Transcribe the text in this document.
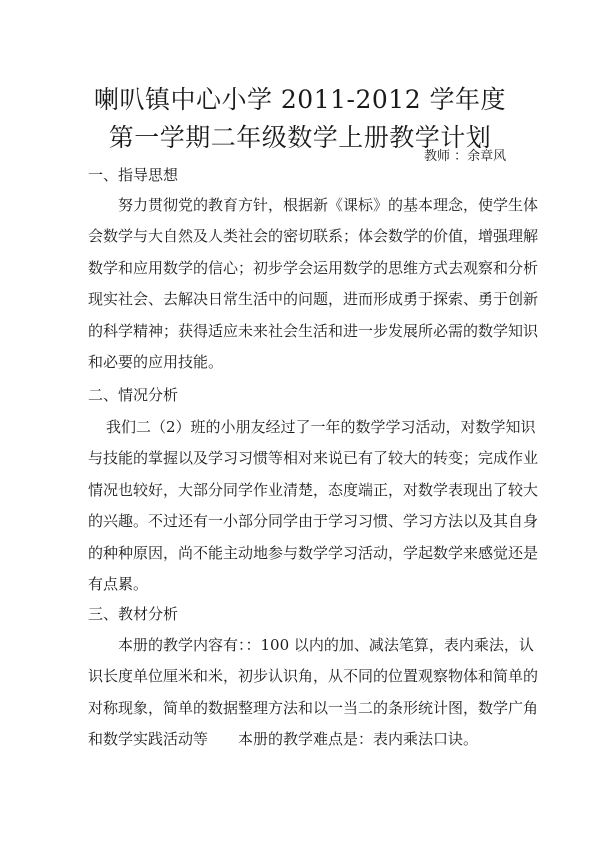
喇叭镇中心小学 2011-2012 学年度
第一学期二年级数学上册教学计划
教师 ：余章风
一、指导思想
努力贯彻党的教育方针，根据新《课标》的基本理念，使学生体
会数学与大自然及人类社会的密切联系；体会数学的价值，增强理解
数学和应用数学的信心；初步学会运用数学的思维方式去观察和分析
现实社会、去解决日常生活中的问题，进而形成勇于探索、勇于创新
的科学精神；获得适应未来社会生活和进一步发展所必需的数学知识
和必要的应用技能。
二、情况分析
我们二（2）班的小朋友经过了一年的数学学习活动，对数学知识
与技能的掌握以及学习习惯等相对来说已有了较大的转变；完成作业
情况也较好，大部分同学作业清楚，态度端正，对数学表现出了较大
的兴趣。不过还有一小部分同学由于学习习惯、学习方法以及其自身
的种种原因，尚不能主动地参与数学学习活动，学起数学来感觉还是
有点累。
三、教材分析
本册的教学内容有：：100 以内的加、减法笔算，表内乘法，认
识长度单位厘米和米，初步认识角，从不同的位置观察物体和简单的
对称现象，简单的数据整理方法和以一当二的条形统计图，数学广角
和数学实践活动等　　本册的教学难点是：表内乘法口诀。
